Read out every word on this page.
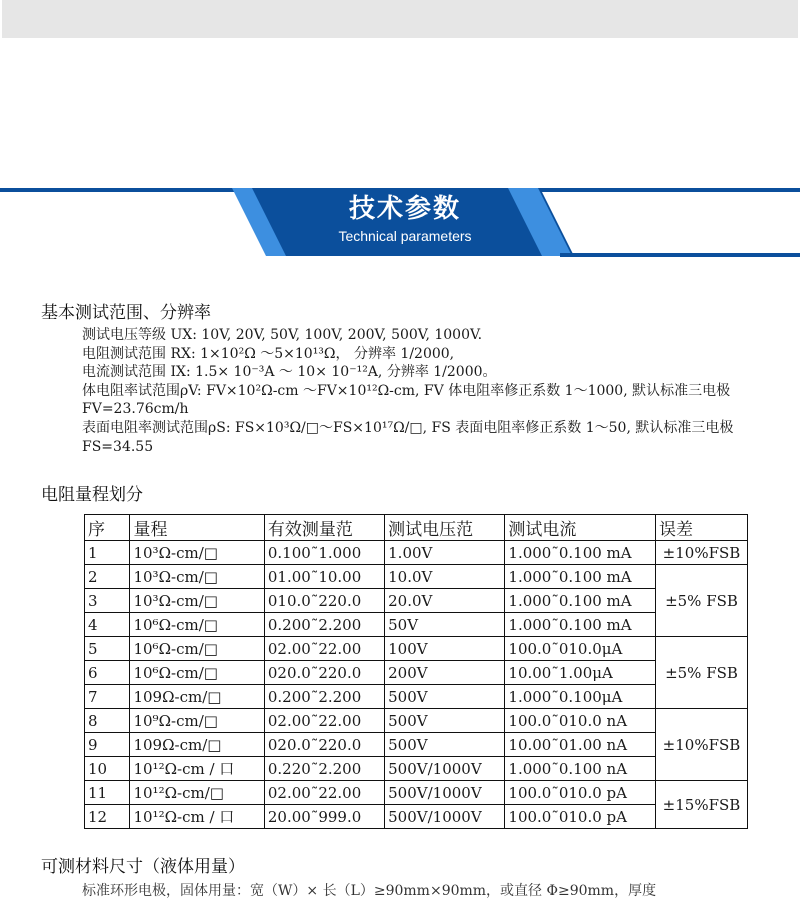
技术参数
Technical parameters
基本测试范围、分辨率
测试电压等级 UX: 10V, 20V, 50V, 100V, 200V, 500V, 1000V.
电阻测试范围 RX: 1×10²Ω ～5×10¹³Ω， 分辨率 1/2000,
电流测试范围 IX: 1.5× 10⁻³A ～ 10× 10⁻¹²A, 分辨率 1/2000。
体电阻率试范围ρV: FV×10²Ω-cm ～FV×10¹²Ω-cm, FV 体电阻率修正系数 1～1000, 默认标准三电极 FV=23.76cm/h
表面电阻率测试范围ρS: FS×10³Ω/□～FS×10¹⁷Ω/□, FS 表面电阻率修正系数 1～50, 默认标准三电极 FS=34.55
电阻量程划分
序	量程	有效测量范	测试电压范	测试电流	误差
1	10³Ω-cm/□	0.100˜1.000	1.00V	1.000˜0.100 mA	±10%FSB
2	10³Ω-cm/□	01.00˜10.00	10.0V	1.000˜0.100 mA	±5% FSB
3	10³Ω-cm/□	010.0˜220.0	20.0V	1.000˜0.100 mA	
4	10⁶Ω-cm/□	0.200˜2.200	50V	1.000˜0.100 mA	
5	10⁶Ω-cm/□	02.00˜22.00	100V	100.0˜010.0μA	±5% FSB
6	10⁶Ω-cm/□	020.0˜220.0	200V	10.00˜1.00μA	
7	109Ω-cm/□	0.200˜2.200	500V	1.000˜0.100μA	
8	10⁹Ω-cm/□	02.00˜22.00	500V	100.0˜010.0 nA	±10%FSB
9	109Ω-cm/□	020.0˜220.0	500V	10.00˜01.00 nA	
10	10¹²Ω-cm / 口	0.220˜2.200	500V/1000V	1.000˜0.100 nA	
11	10¹²Ω-cm/□	02.00˜22.00	500V/1000V	100.0˜010.0 pA	±15%FSB
12	10¹²Ω-cm / 口	20.00˜999.0	500V/1000V	100.0˜010.0 pA	
可测材料尺寸（液体用量）
标准环形电极，固体用量：宽（W）× 长（L）≥90mm×90mm，或直径 Φ≥90mm，厚度
